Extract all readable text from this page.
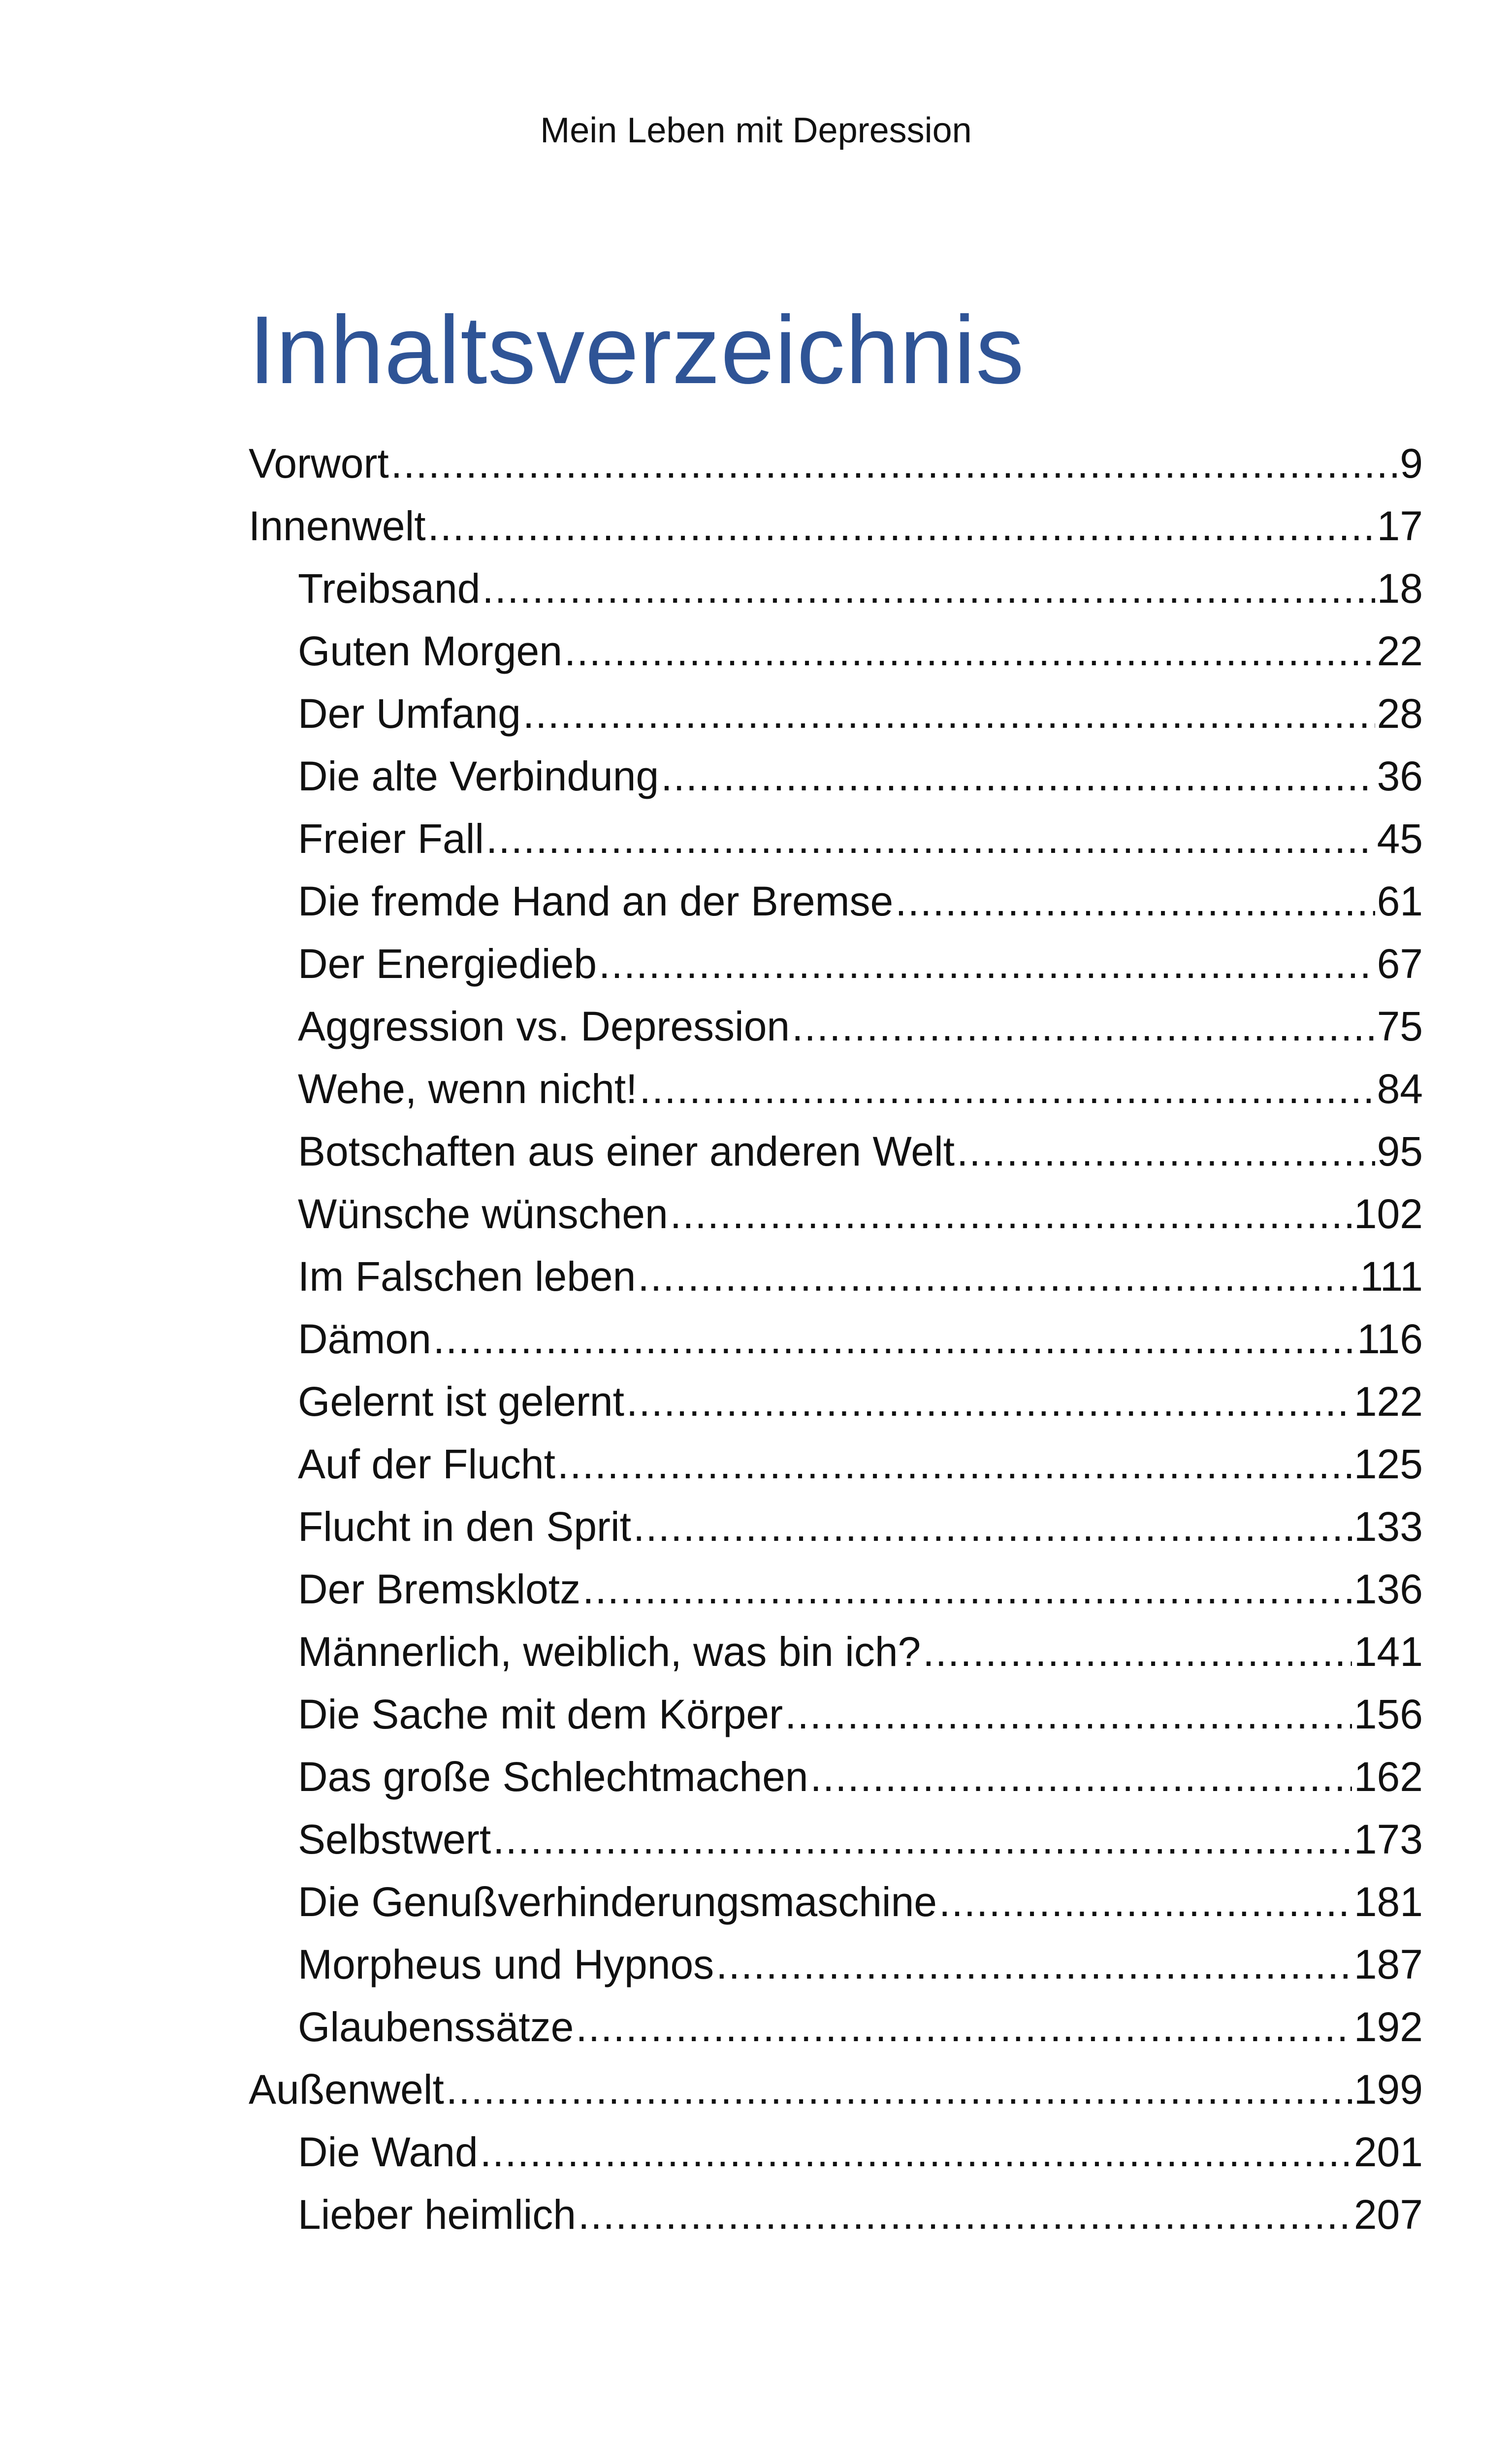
Mein Leben mit Depression
Inhaltsverzeichnis
Vorwort .....	9
Innenwelt .....	17
Treibsand .....	18
Guten Morgen .....	22
Der Umfang .....	28
Die alte Verbindung .....	36
Freier Fall .....	45
Die fremde Hand an der Bremse .....	61
Der Energiedieb .....	67
Aggression vs. Depression .....	75
Wehe, wenn nicht! .....	84
Botschaften aus einer anderen Welt .....	95
Wünsche wünschen .....	102
Im Falschen leben .....	111
Dämon .....	116
Gelernt ist gelernt .....	122
Auf der Flucht .....	125
Flucht in den Sprit .....	133
Der Bremsklotz .....	136
Männerlich, weiblich, was bin ich? .....	141
Die Sache mit dem Körper .....	156
Das große Schlechtmachen .....	162
Selbstwert .....	173
Die Genußverhinderungsmaschine .....	181
Morpheus und Hypnos .....	187
Glaubenssätze .....	192
Außenwelt .....	199
Die Wand .....	201
Lieber heimlich .....	207
